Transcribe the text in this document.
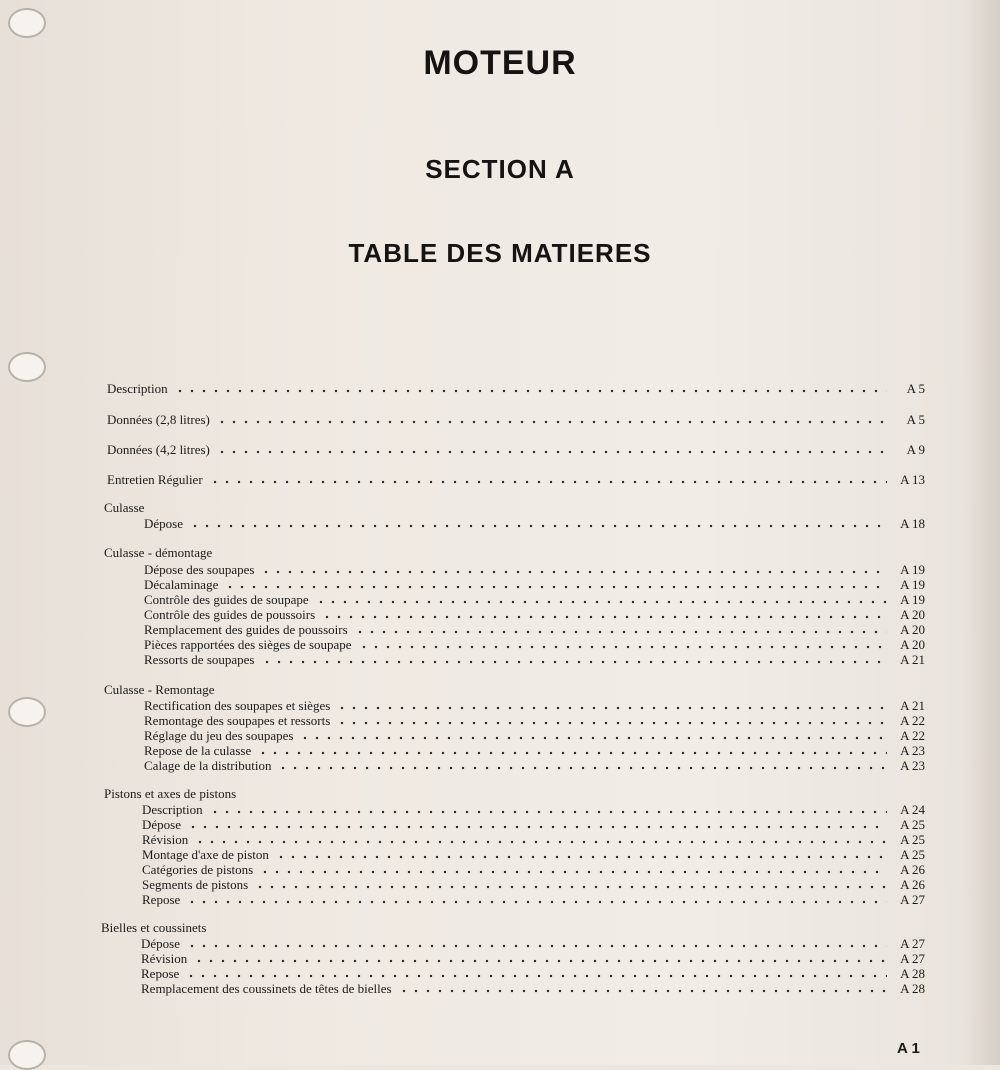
MOTEUR
SECTION A
TABLE DES MATIERES
Description	A 5
Données (2,8 litres)	A 5
Données (4,2 litres)	A 9
Entretien Régulier	A 13
Culasse
Dépose	A 18
Culasse - démontage
Dépose des soupapes	A 19
Décalaminage	A 19
Contrôle des guides de soupape	A 19
Contrôle des guides de poussoirs	A 20
Remplacement des guides de poussoirs	A 20
Pièces rapportées des sièges de soupape	A 20
Ressorts de soupapes	A 21
Culasse - Remontage
Rectification des soupapes et sièges	A 21
Remontage des soupapes et ressorts	A 22
Réglage du jeu des soupapes	A 22
Repose de la culasse	A 23
Calage de la distribution	A 23
Pistons et axes de pistons
Description	A 24
Dépose	A 25
Révision	A 25
Montage d'axe de piston	A 25
Catégories de pistons	A 26
Segments de pistons	A 26
Repose	A 27
Bielles et coussinets
Dépose	A 27
Révision	A 27
Repose	A 28
Remplacement des coussinets de têtes de bielles	A 28
A 1
